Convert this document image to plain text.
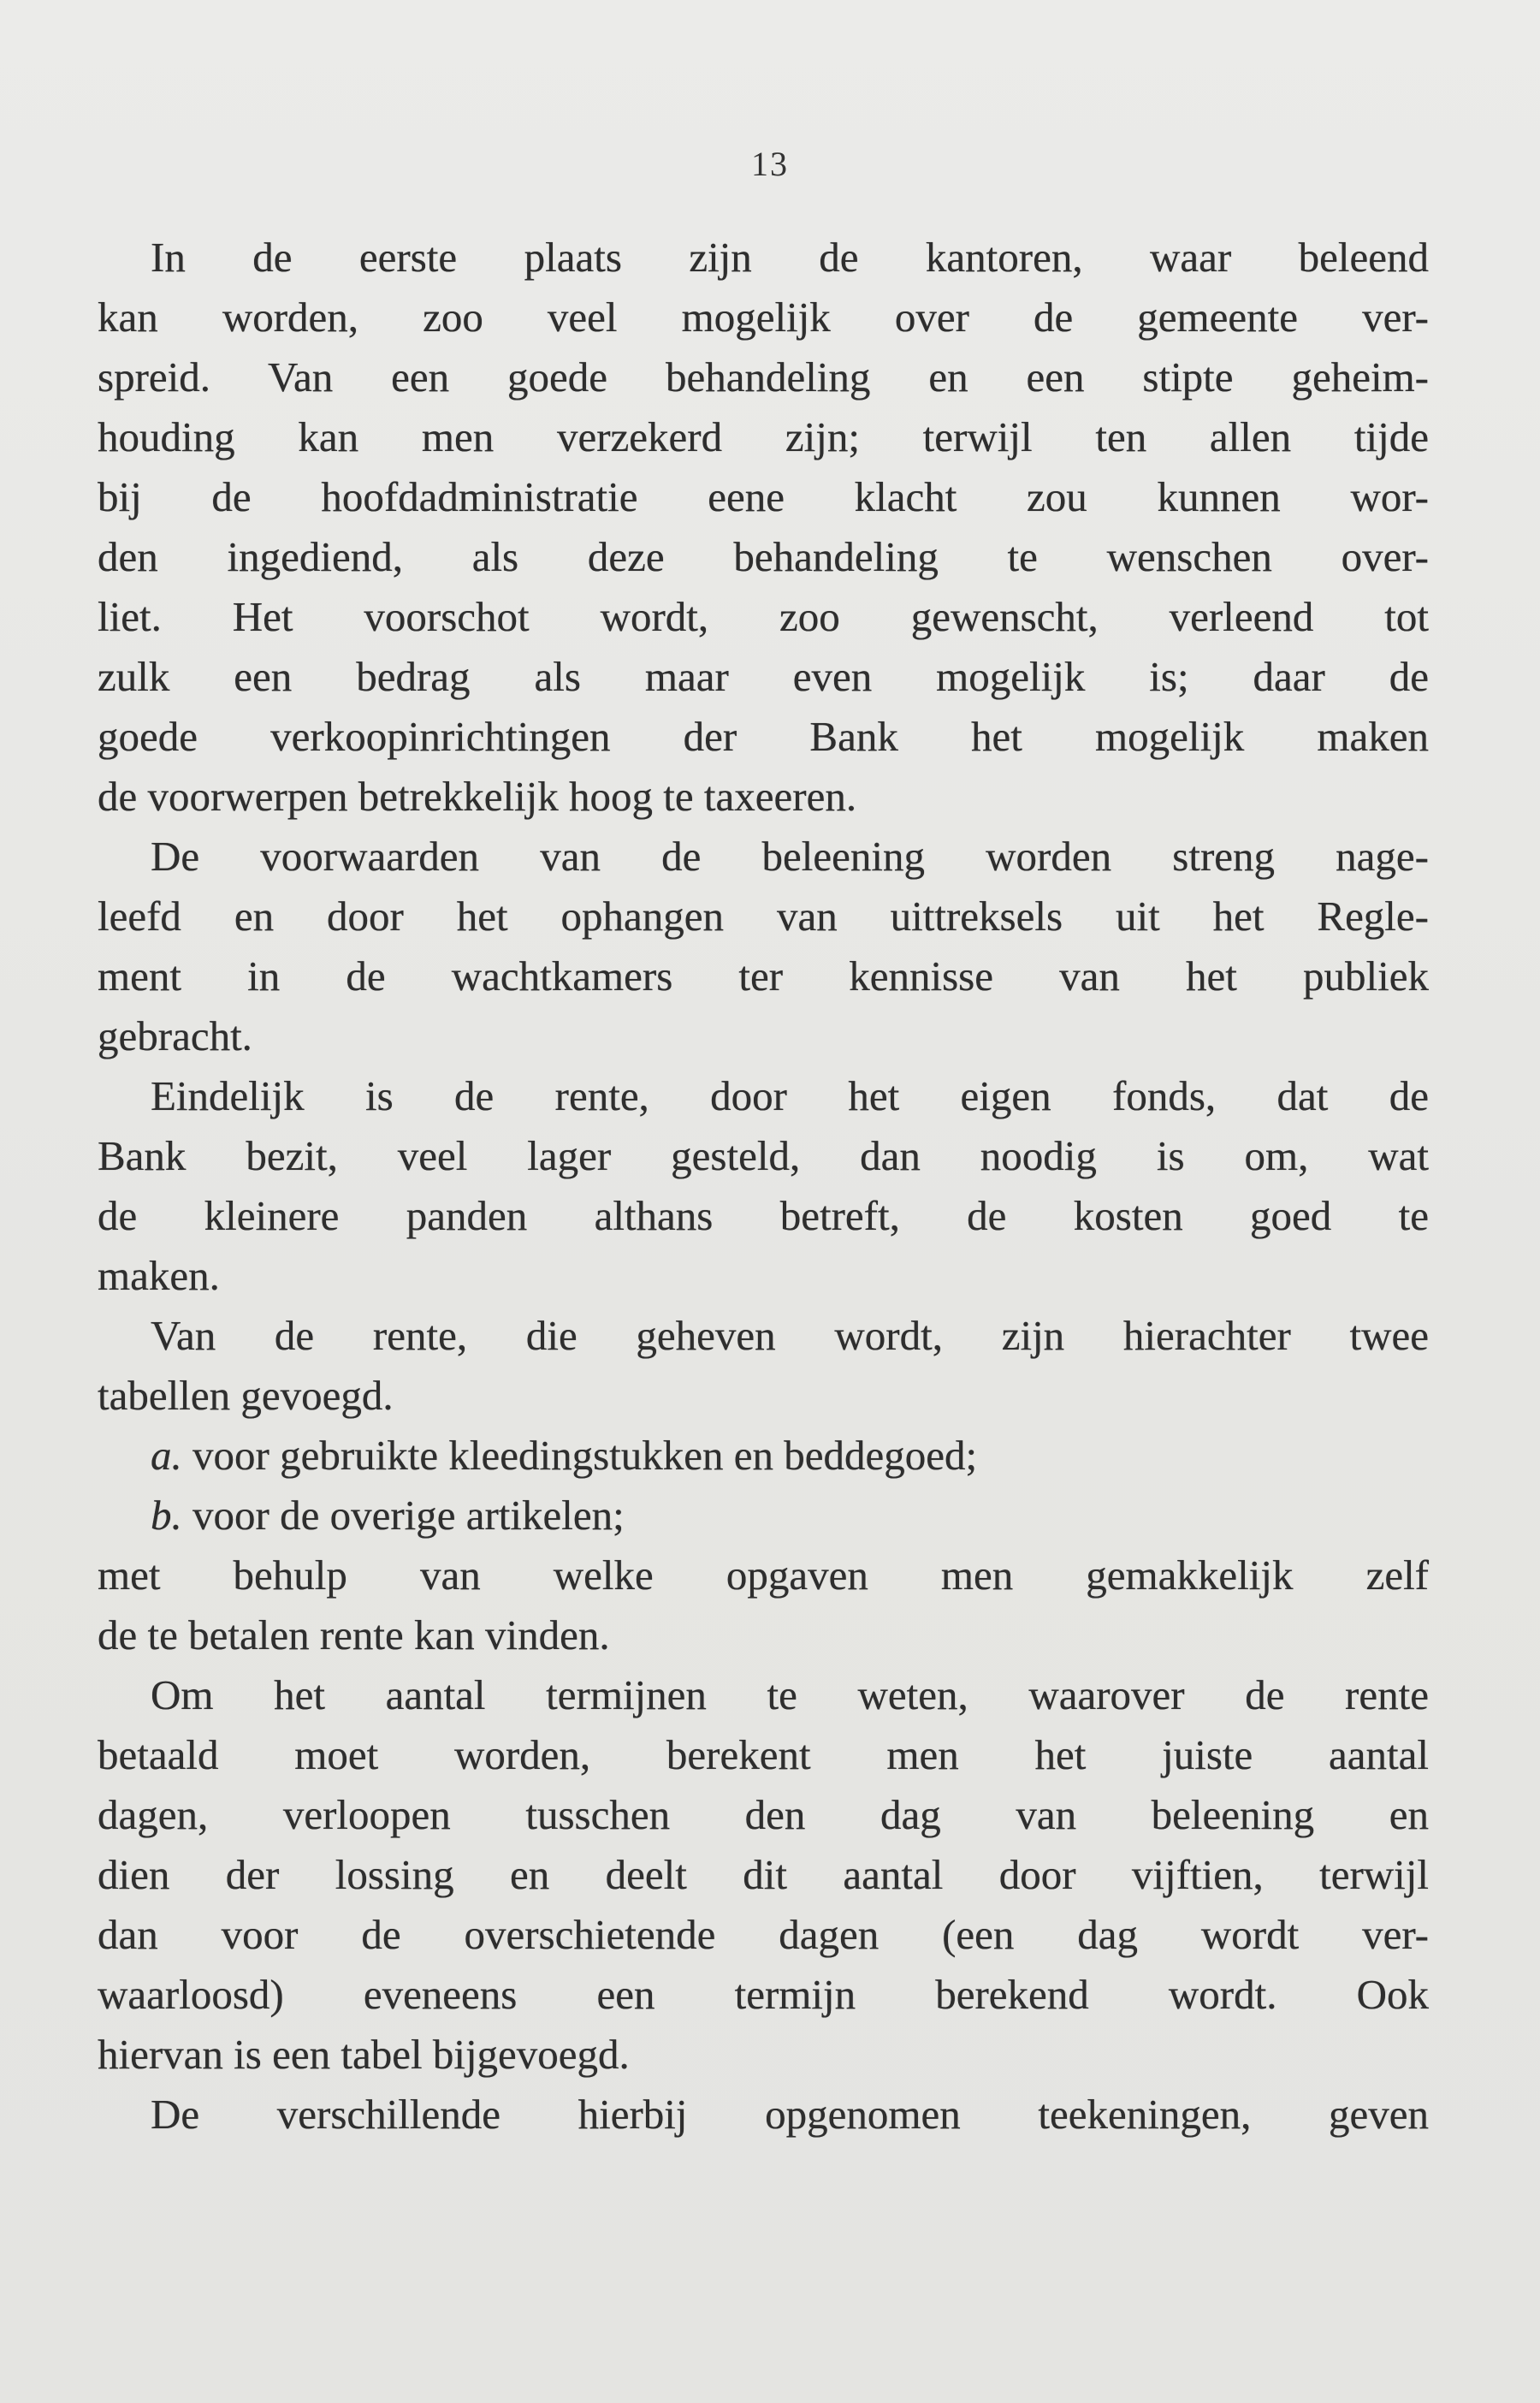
13
In de eerste plaats zijn de kantoren, waar beleend
kan worden, zoo veel mogelijk over de gemeente ver-
spreid. Van een goede behandeling en een stipte geheim-
houding kan men verzekerd zijn; terwijl ten allen tijde
bij de hoofdadministratie eene klacht zou kunnen wor-
den ingediend, als deze behandeling te wenschen over-
liet. Het voorschot wordt, zoo gewenscht, verleend tot
zulk een bedrag als maar even mogelijk is; daar de
goede verkoopinrichtingen der Bank het mogelijk maken
de voorwerpen betrekkelijk hoog te taxeeren.
De voorwaarden van de beleening worden streng nage-
leefd en door het ophangen van uittreksels uit het Regle-
ment in de wachtkamers ter kennisse van het publiek
gebracht.
Eindelijk is de rente, door het eigen fonds, dat de
Bank bezit, veel lager gesteld, dan noodig is om, wat
de kleinere panden althans betreft, de kosten goed te
maken.
Van de rente, die geheven wordt, zijn hierachter twee
tabellen gevoegd.
a. voor gebruikte kleedingstukken en beddegoed;
b. voor de overige artikelen;
met behulp van welke opgaven men gemakkelijk zelf
de te betalen rente kan vinden.
Om het aantal termijnen te weten, waarover de rente
betaald moet worden, berekent men het juiste aantal
dagen, verloopen tusschen den dag van beleening en
dien der lossing en deelt dit aantal door vijftien, terwijl
dan voor de overschietende dagen (een dag wordt ver-
waarloosd) eveneens een termijn berekend wordt. Ook
hiervan is een tabel bijgevoegd.
De verschillende hierbij opgenomen teekeningen, geven
